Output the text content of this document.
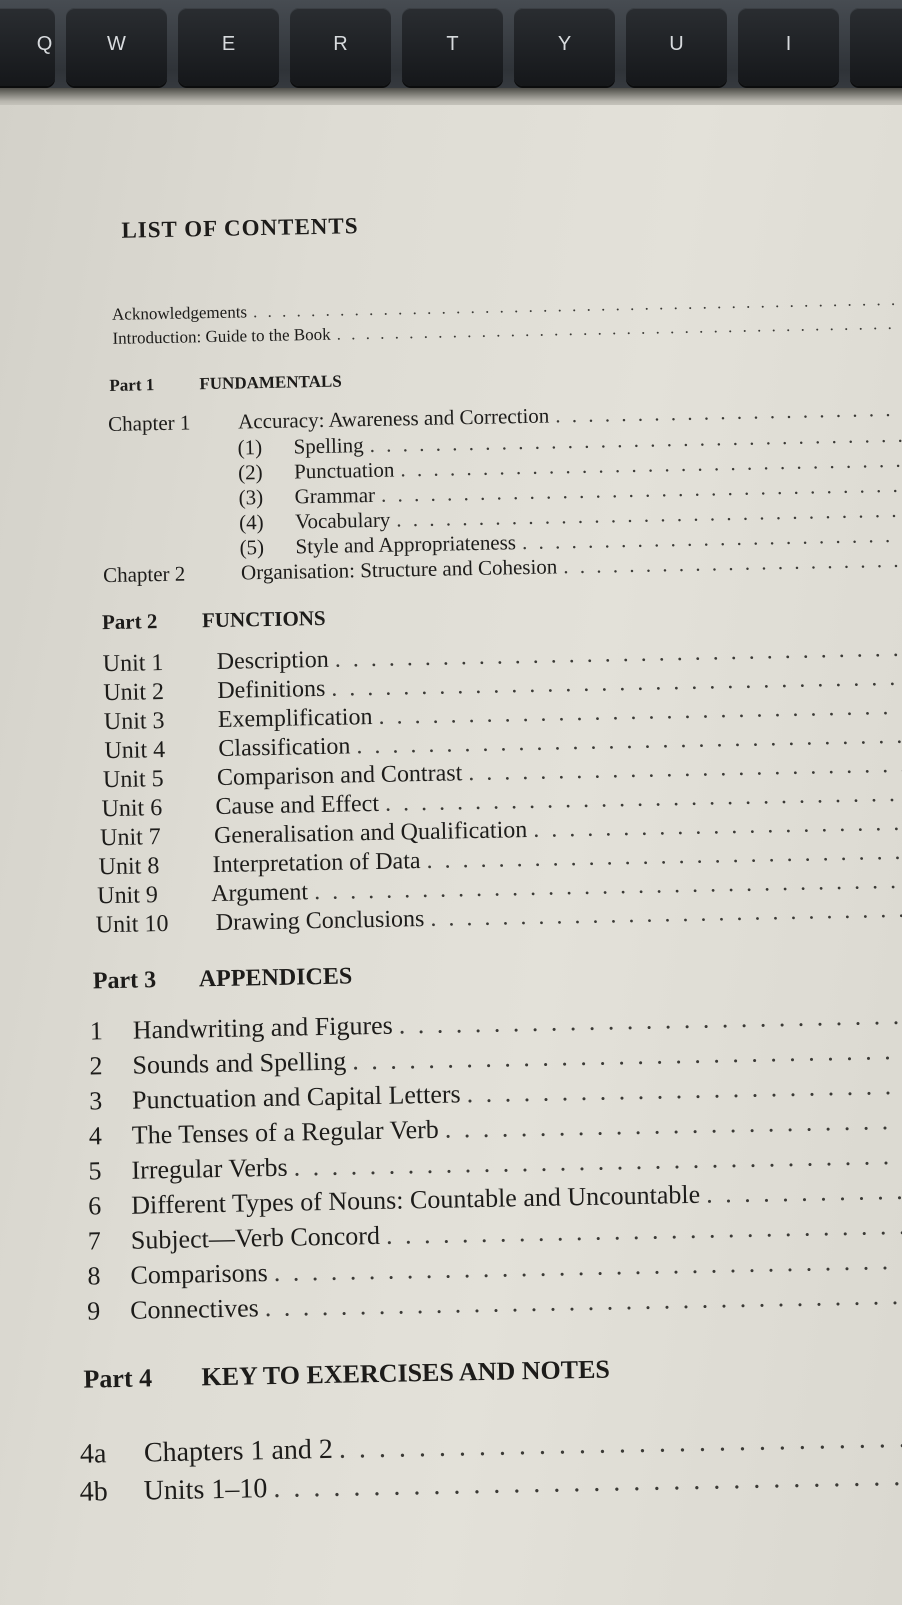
Q	W	E	R	T	Y	U	I
LIST OF CONTENTS
Acknowledgements
. . .
Introduction: Guide to the Book
. . .
Part 1	FUNDAMENTALS
Chapter 1	Accuracy: Awareness and Correction
. . .
(1)	Spelling
. . .
(2)	Punctuation
. . .
(3)	Grammar
. . .
(4)	Vocabulary
. . .
(5)	Style and Appropriateness
. . .
Chapter 2	Organisation: Structure and Cohesion
. . .
Part 2 FUNCTIONS
Unit 1	Description
. . .
Unit 2	Definitions
. . .
Unit 3	Exemplification
. . .
Unit 4	Classification
. . .
Unit 5	Comparison and Contrast
. . .
Unit 6	Cause and Effect
. . .
Unit 7	Generalisation and Qualification
. . .
Unit 8	Interpretation of Data
. . .
Unit 9	Argument
. . .
Unit 10	Drawing Conclusions
. . .
Part 3 APPENDICES
1	Handwriting and Figures
. . .
2	Sounds and Spelling
. . .
3	Punctuation and Capital Letters
. . .
4	The Tenses of a Regular Verb
. . .
5	Irregular Verbs
. . .
6	Different Types of Nouns: Countable and Uncountable
. . .
7	Subject—Verb Concord
. . .
8	Comparisons
. . .
9	Connectives
. . .
Part 4 KEY TO EXERCISES AND NOTES
4a	Chapters 1 and 2
. . .
4b	Units 1–10
. . .
